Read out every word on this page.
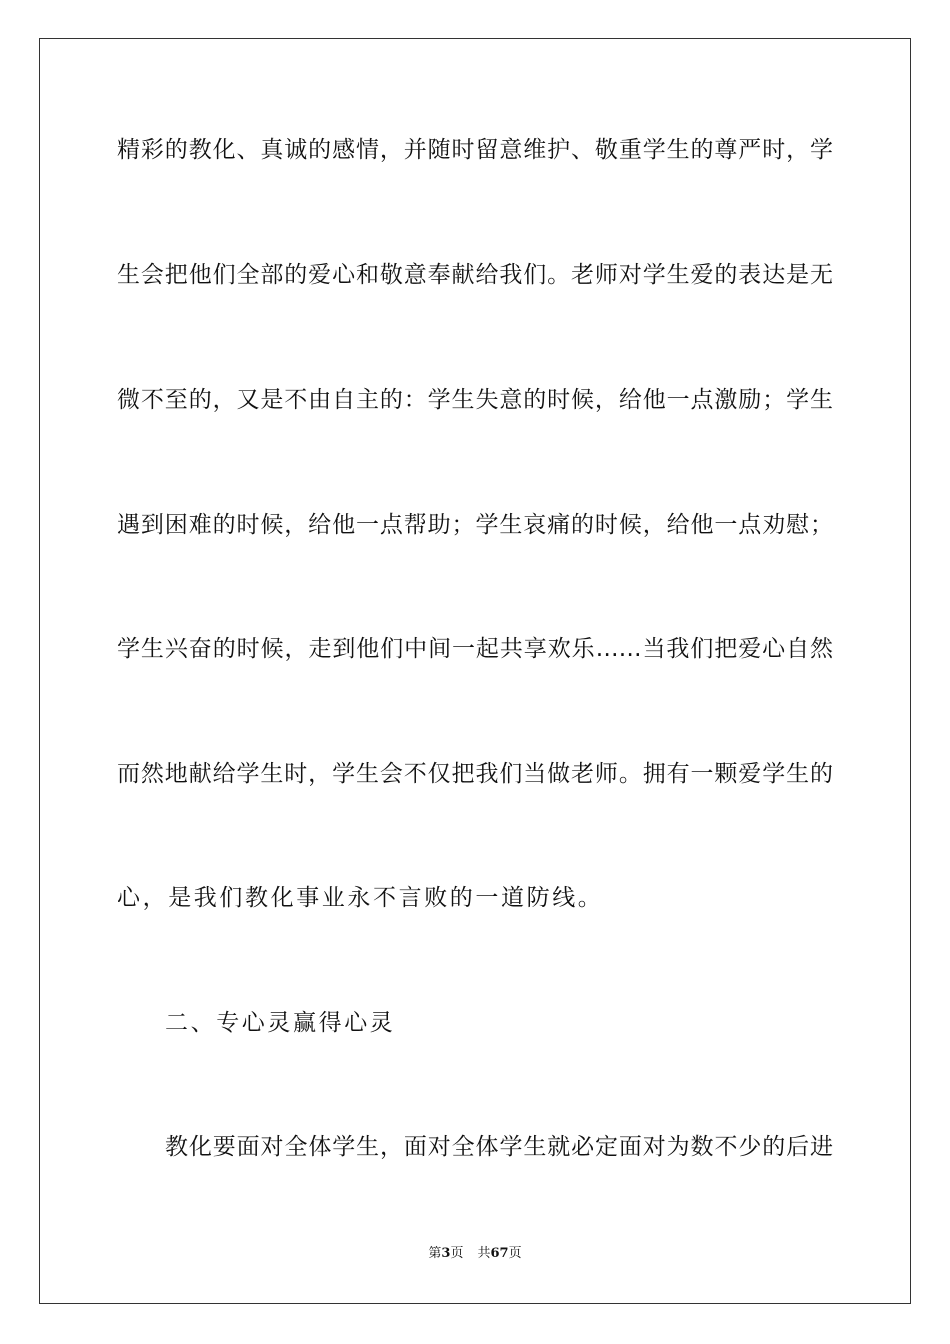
精彩的教化、真诚的感情，并随时留意维护、敬重学生的尊严时，学
生会把他们全部的爱心和敬意奉献给我们。老师对学生爱的表达是无
微不至的，又是不由自主的：学生失意的时候，给他一点激励；学生
遇到困难的时候，给他一点帮助；学生哀痛的时候，给他一点劝慰；
学生兴奋的时候，走到他们中间一起共享欢乐……当我们把爱心自然
而然地献给学生时，学生会不仅把我们当做老师。拥有一颗爱学生的
心，是我们教化事业永不言败的一道防线。
二、专心灵赢得心灵
教化要面对全体学生，面对全体学生就必定面对为数不少的后进
第3页 共67页
